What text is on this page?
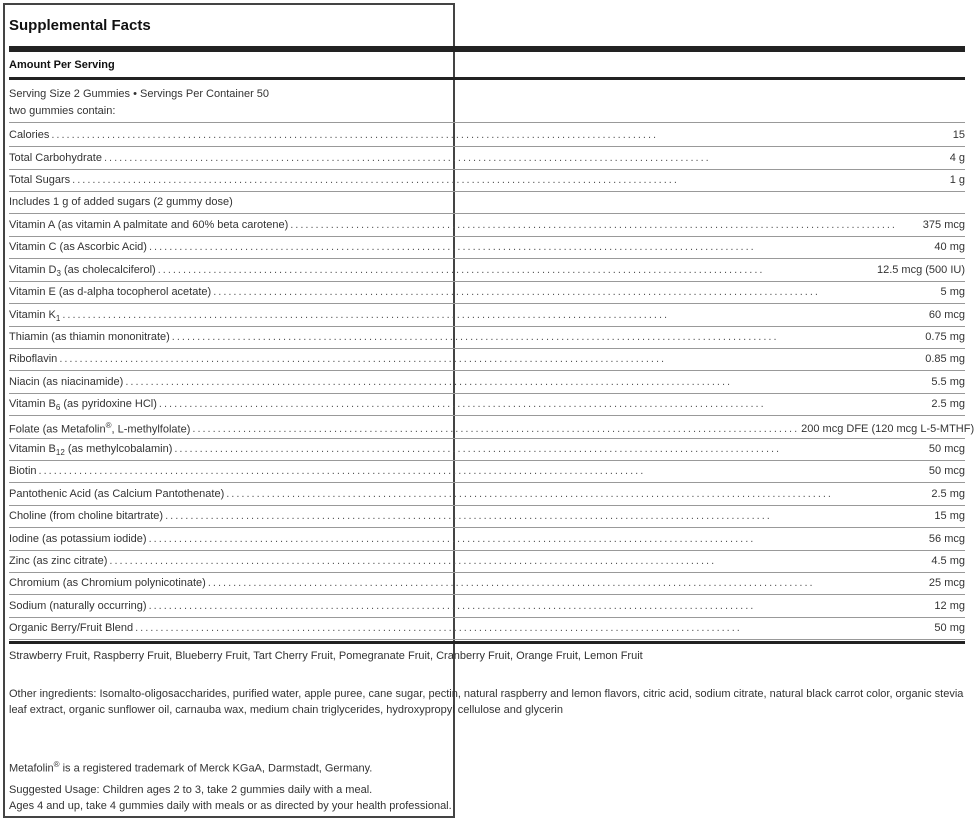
Supplemental Facts
Amount Per Serving
Serving Size 2 Gummies • Servings Per Container 50
two gummies contain:
Calories ........................................................................................................................	15
Total Carbohydrate ........................................................................................................................	4 g
Total Sugars ........................................................................................................................	1 g
Includes 1 g of added sugars (2 gummy dose)
Vitamin A (as vitamin A palmitate and 60% beta carotene) ........................................................................................................................	375 mcg
Vitamin C (as Ascorbic Acid) ........................................................................................................................	40 mg
Vitamin $D_3$ (as cholecalciferol) ........................................................................................................................	12.5 mcg (500 IU)
Vitamin E (as d-alpha tocopherol acetate) ........................................................................................................................	5 mg
Vitamin $K_1$ ........................................................................................................................	60 mcg
Thiamin (as thiamin mononitrate) ........................................................................................................................	0.75 mg
Riboflavin ........................................................................................................................	0.85 mg
Niacin (as niacinamide) ........................................................................................................................	5.5 mg
Vitamin $B_6$ (as pyridoxine HCl) ........................................................................................................................	2.5 mg
Folate (as Metafolin®, L-methylfolate) ........................................................................................................................ 200 mcg DFE (120 mcg L-5-MTHF)
Vitamin $B_{12}$ (as methylcobalamin) ........................................................................................................................	50 mcg
Biotin ........................................................................................................................	50 mcg
Pantothenic Acid (as Calcium Pantothenate) ........................................................................................................................	2.5 mg
Choline (from choline bitartrate) ........................................................................................................................	15 mg
Iodine (as potassium iodide) ........................................................................................................................	56 mcg
Zinc (as zinc citrate) ........................................................................................................................	4.5 mg
Chromium (as Chromium polynicotinate) ........................................................................................................................	25 mcg
Sodium (naturally occurring) ........................................................................................................................	12 mg
Organic Berry/Fruit Blend ........................................................................................................................	50 mg
Strawberry Fruit, Raspberry Fruit, Blueberry Fruit, Tart Cherry Fruit, Pomegranate Fruit, Cranberry Fruit, Orange Fruit, Lemon Fruit
Other ingredients: Isomalto-oligosaccharides, purified water, apple puree, cane sugar, pectin, natural raspberry and lemon flavors, citric acid, sodium citrate, natural black carrot color, organic stevia leaf extract, organic sunflower oil, carnauba wax, medium chain triglycerides, hydroxypropyl cellulose and glycerin
Metafolin® is a registered trademark of Merck KGaA, Darmstadt, Germany.
Suggested Usage: Children ages 2 to 3, take 2 gummies daily with a meal.
Ages 4 and up, take 4 gummies daily with meals or as directed by your health professional.
